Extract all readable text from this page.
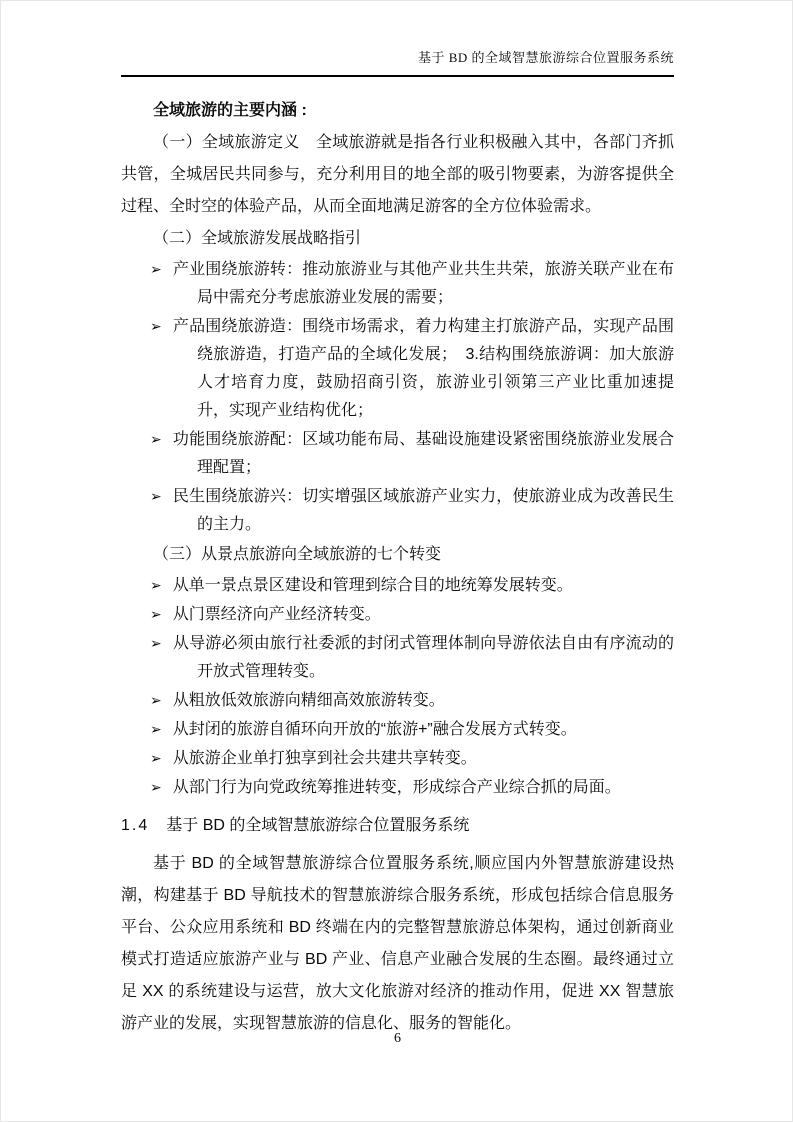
基于 BD 的全域智慧旅游综合位置服务系统
全域旅游的主要内涵 :
（一）全域旅游定义　全域旅游就是指各行业积极融入其中，各部门齐抓共管，全城居民共同参与，充分利用目的地全部的吸引物要素，为游客提供全过程、全时空的体验产品，从而全面地满足游客的全方位体验需求。
（二）全域旅游发展战略指引
➢ 产业围绕旅游转：推动旅游业与其他产业共生共荣，旅游关联产业在布局中需充分考虑旅游业发展的需要；
➢ 产品围绕旅游造：围绕市场需求，着力构建主打旅游产品，实现产品围绕旅游造，打造产品的全域化发展；　3.结构围绕旅游调：加大旅游人才培育力度，鼓励招商引资，旅游业引领第三产业比重加速提升，实现产业结构优化；
➢ 功能围绕旅游配：区域功能布局、基础设施建设紧密围绕旅游业发展合理配置；
➢ 民生围绕旅游兴：切实增强区域旅游产业实力，使旅游业成为改善民生的主力。
（三）从景点旅游向全域旅游的七个转变
➢ 从单一景点景区建设和管理到综合目的地统筹发展转变。
➢ 从门票经济向产业经济转变。
➢ 从导游必须由旅行社委派的封闭式管理体制向导游依法自由有序流动的开放式管理转变。
➢ 从粗放低效旅游向精细高效旅游转变。
➢ 从封闭的旅游自循环向开放的“旅游+”融合发展方式转变。
➢ 从旅游企业单打独享到社会共建共享转变。
➢ 从部门行为向党政统筹推进转变，形成综合产业综合抓的局面。
1.4 基于 BD 的全域智慧旅游综合位置服务系统
基于 BD 的全域智慧旅游综合位置服务系统,顺应国内外智慧旅游建设热潮，构建基于 BD 导航技术的智慧旅游综合服务系统，形成包括综合信息服务平台、公众应用系统和 BD 终端在内的完整智慧旅游总体架构，通过创新商业模式打造适应旅游产业与 BD 产业、信息产业融合发展的生态圈。最终通过立足 XX 的系统建设与运营，放大文化旅游对经济的推动作用，促进 XX 智慧旅游产业的发展，实现智慧旅游的信息化、服务的智能化。
6
